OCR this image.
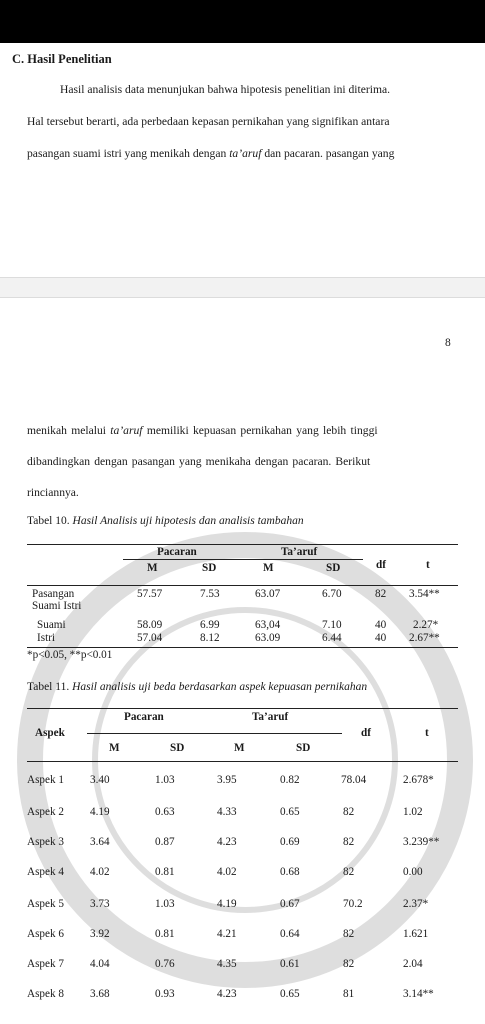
C. Hasil Penelitian

Hasil analisis data menunjukan bahwa hipotesis penelitian ini diterima.

Hal tersebut berarti, ada perbedaan kepasan pernikahan yang signifikan antara

pasangan suami istri yang menikah dengan ta’aruf dan pacaran. pasangan yang

8

menikah melalui ta’aruf memiliki kepuasan pernikahan yang lebih tinggi

dibandingkan dengan pasangan yang menikaha dengan pacaran. Berikut

rinciannya.

Tabel 10. Hasil Analisis uji hipotesis dan analisis tambahan
Pacaran	Ta’aruf
M	SD	M	SD	df	t
Pasangan	57.57	7.53	63.07	6.70	82 3.54**
Suami Istri
Suami	58.09	6.99	63,04	7.10	40 2.27*
Istri	57.04	8.12	63.09	6.44	40 2.67**
*p<0.05, **p<0.01
Tabel 11. Hasil analisis uji beda berdasarkan aspek kepuasan pernikahan
Aspek
Pacaran	Ta’aruf
M	SD	M	SD
df	t
Aspek 1 3.40	1.03	3.95	0.82	78.04	2.678*
Aspek 2 4.19	0.63	4.33	0.65	82	1.02
Aspek 3 3.64	0.87	4.23	0.69	82	3.239**
Aspek 4 4.02	0.81	4.02	0.68	82	0.00
Aspek 5 3.73	1.03	4.19	0.67	70.2	2.37*
Aspek 6 3.92	0.81	4.21	0.64	82	1.621
Aspek 7 4.04	0.76	4.35	0.61	82	2.04
Aspek 8 3.68	0.93	4.23	0.65	81	3.14**
